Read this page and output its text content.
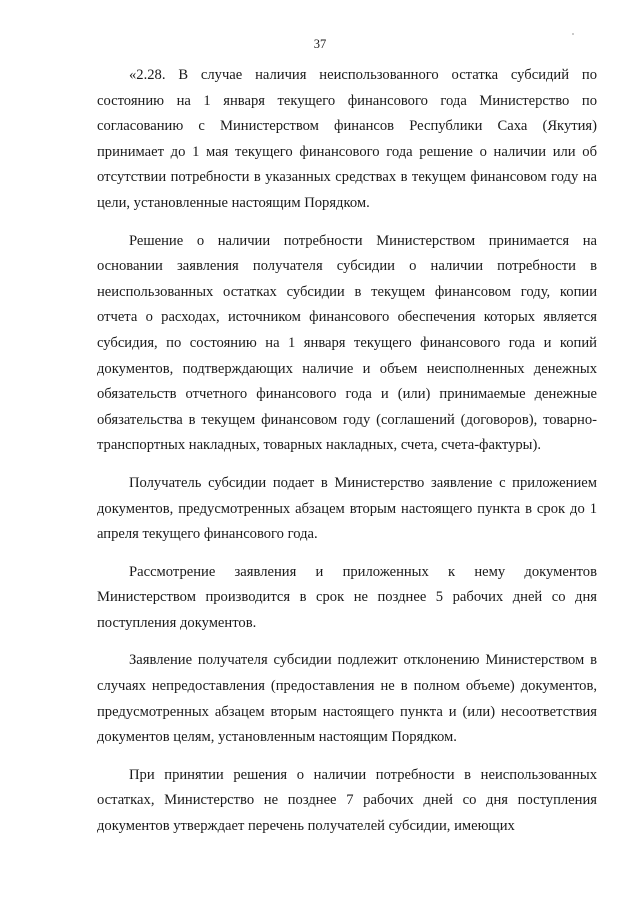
37

«2.28. В случае наличия неиспользованного остатка субсидий по состоянию на 1 января текущего финансового года Министерство по согласованию с Министерством финансов Республики Саха (Якутия) принимает до 1 мая текущего финансового года решение о наличии или об отсутствии потребности в указанных средствах в текущем финансовом году на цели, установленные настоящим Порядком.

Решение о наличии потребности Министерством принимается на основании заявления получателя субсидии о наличии потребности в неиспользованных остатках субсидии в текущем финансовом году, копии отчета о расходах, источником финансового обеспечения которых является субсидия, по состоянию на 1 января текущего финансового года и копий документов, подтверждающих наличие и объем неисполненных денежных обязательств отчетного финансового года и (или) принимаемые денежные обязательства в текущем финансовом году (соглашений (договоров), товарно-транспортных накладных, товарных накладных, счета, счета-фактуры).

Получатель субсидии подает в Министерство заявление с приложением документов, предусмотренных абзацем вторым настоящего пункта в срок до 1 апреля текущего финансового года.

Рассмотрение заявления и приложенных к нему документов Министерством производится в срок не позднее 5 рабочих дней со дня поступления документов.

Заявление получателя субсидии подлежит отклонению Министерством в случаях непредоставления (предоставления не в полном объеме) документов, предусмотренных абзацем вторым настоящего пункта и (или) несоответствия документов целям, установленным настоящим Порядком.

При принятии решения о наличии потребности в неиспользованных остатках, Министерство не позднее 7 рабочих дней со дня поступления документов утверждает перечень получателей субсидии, имеющих
